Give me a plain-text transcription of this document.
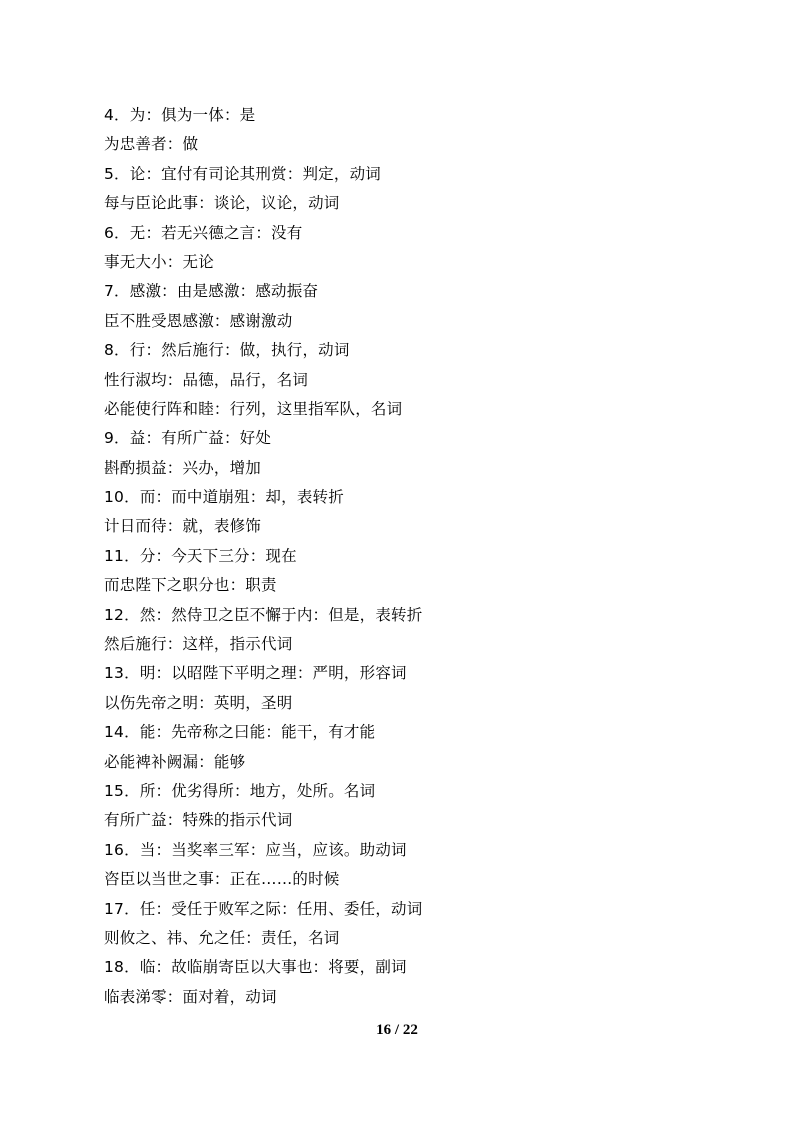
4．为：俱为一体：是
为忠善者：做
5．论：宜付有司论其刑赏：判定，动词
每与臣论此事：谈论，议论，动词
6．无：若无兴德之言：没有
事无大小：无论
7．感激：由是感激：感动振奋
臣不胜受恩感激：感谢激动
8．行：然后施行：做，执行，动词
性行淑均：品德，品行，名词
必能使行阵和睦：行列，这里指军队，名词
9．益：有所广益：好处
斟酌损益：兴办，增加
10．而：而中道崩殂：却，表转折
计日而待：就，表修饰
11．分：今天下三分：现在
而忠陛下之职分也：职责
12．然：然侍卫之臣不懈于内：但是，表转折
然后施行：这样，指示代词
13．明：以昭陛下平明之理：严明，形容词
以伤先帝之明：英明，圣明
14．能：先帝称之曰能：能干，有才能
必能裨补阙漏：能够
15．所：优劣得所：地方，处所。名词
有所广益：特殊的指示代词
16．当：当奖率三军：应当，应该。助动词
咨臣以当世之事：正在……的时候
17．任：受任于败军之际：任用、委任，动词
则攸之、祎、允之任：责任，名词
18．临：故临崩寄臣以大事也：将要，副词
临表涕零：面对着，动词
16 / 22
